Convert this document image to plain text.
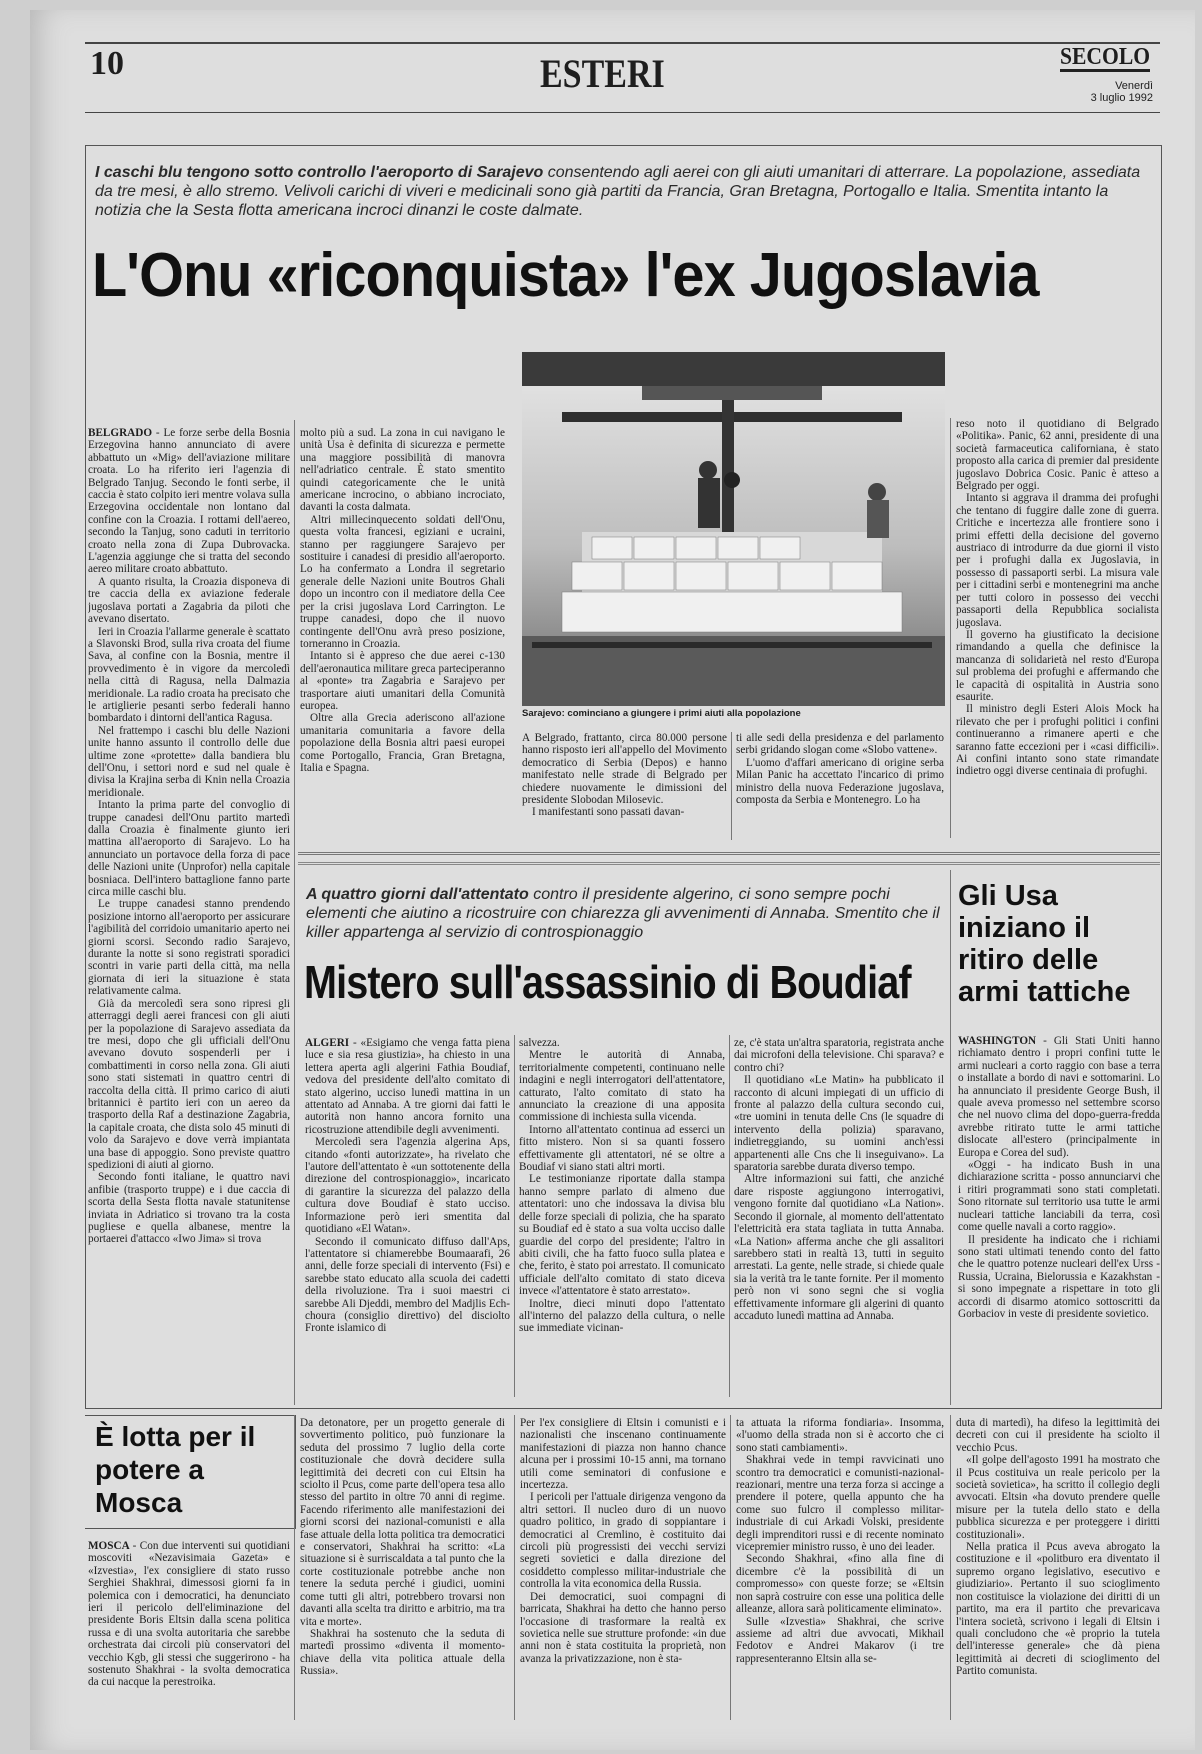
10	ESTERI	SECOLO
Venerdì
3 luglio 1992
I caschi blu tengono sotto controllo l'aeroporto di Sarajevo consentendo agli aerei con gli aiuti umanitari di atterrare. La popolazione, assediata da tre mesi, è allo stremo. Velivoli carichi di viveri e medicinali sono già partiti da Francia, Gran Bretagna, Portogallo e Italia. Smentita intanto la notizia che la Sesta flotta americana incroci dinanzi le coste dalmate.
L'Onu «riconquista» l'ex Jugoslavia
Sarajevo: cominciano a giungere i primi aiuti alla popolazione

BELGRADO - Le forze serbe della Bosnia Erzegovina hanno annunciato di avere abbattuto un «Mig» dell'aviazione militare croata. Lo ha riferito ieri l'agenzia di Belgrado Tanjug. Secondo le fonti serbe, il caccia è stato colpito ieri mentre volava sulla Erzegovina occidentale non lontano dal confine con la Croazia. I rottami dell'aereo, secondo la Tanjug, sono caduti in territorio croato nella zona di Zupa Dubrovacka. L'agenzia aggiunge che si tratta del secondo aereo militare croato abbattuto.

A quanto risulta, la Croazia disponeva di tre caccia della ex aviazione federale jugoslava portati a Zagabria da piloti che avevano disertato.

Ieri in Croazia l'allarme generale è scattato a Slavonski Brod, sulla riva croata del fiume Sava, al confine con la Bosnia, mentre il provvedimento è in vigore da mercoledì nella città di Ragusa, nella Dalmazia meridionale. La radio croata ha precisato che le artiglierie pesanti serbo federali hanno bombardato i dintorni dell'antica Ragusa.

Nel frattempo i caschi blu delle Nazioni unite hanno assunto il controllo delle due ultime zone «protette» dalla bandiera blu dell'Onu, i settori nord e sud nel quale è divisa la Krajina serba di Knin nella Croazia meridionale.

Intanto la prima parte del convoglio di truppe canadesi dell'Onu partito martedì dalla Croazia è finalmente giunto ieri mattina all'aeroporto di Sarajevo. Lo ha annunciato un portavoce della forza di pace delle Nazioni unite (Unprofor) nella capitale bosniaca. Dell'intero battaglione fanno parte circa mille caschi blu.

Le truppe canadesi stanno prendendo posizione intorno all'aeroporto per assicurare l'agibilità del corridoio umanitario aperto nei giorni scorsi. Secondo radio Sarajevo, durante la notte si sono registrati sporadici scontri in varie parti della città, ma nella giornata di ieri la situazione è stata relativamente calma.

Già da mercoledì sera sono ripresi gli atterraggi degli aerei francesi con gli aiuti per la popolazione di Sarajevo assediata da tre mesi, dopo che gli ufficiali dell'Onu avevano dovuto sospenderli per i combattimenti in corso nella zona. Gli aiuti sono stati sistemati in quattro centri di raccolta della città. Il primo carico di aiuti britannici è partito ieri con un aereo da trasporto della Raf a destinazione Zagabria, la capitale croata, che dista solo 45 minuti di volo da Sarajevo e dove verrà impiantata una base di appoggio. Sono previste quattro spedizioni di aiuti al giorno.

Secondo fonti italiane, le quattro navi anfibie (trasporto truppe) e i due caccia di scorta della Sesta flotta navale statunitense inviata in Adriatico si trovano tra la costa pugliese e quella albanese, mentre la portaerei d'attacco «Iwo Jima» si trova

molto più a sud. La zona in cui navigano le unità Usa è definita di sicurezza e permette una maggiore possibilità di manovra nell'adriatico centrale. È stato smentito quindi categoricamente che le unità americane incrocino, o abbiano incrociato, davanti la costa dalmata.

Altri millecinquecento soldati dell'Onu, questa volta francesi, egiziani e ucraini, stanno per raggiungere Sarajevo per sostituire i canadesi di presidio all'aeroporto. Lo ha confermato a Londra il segretario generale delle Nazioni unite Boutros Ghali dopo un incontro con il mediatore della Cee per la crisi jugoslava Lord Carrington. Le truppe canadesi, dopo che il nuovo contingente dell'Onu avrà preso posizione, torneranno in Croazia.

Intanto si è appreso che due aerei c-130 dell'aeronautica militare greca parteciperanno al «ponte» tra Zagabria e Sarajevo per trasportare aiuti umanitari della Comunità europea.

Oltre alla Grecia aderiscono all'azione umanitaria comunitaria a favore della popolazione della Bosnia altri paesi europei come Portogallo, Francia, Gran Bretagna, Italia e Spagna.

A Belgrado, frattanto, circa 80.000 persone hanno risposto ieri all'appello del Movimento democratico di Serbia (Depos) e hanno manifestato nelle strade di Belgrado per chiedere nuovamente le dimissioni del presidente Slobodan Milosevic.

I manifestanti sono passati davan-

ti alle sedi della presidenza e del parlamento serbi gridando slogan come «Slobo vattene».

L'uomo d'affari americano di origine serba Milan Panic ha accettato l'incarico di primo ministro della nuova Federazione jugoslava, composta da Serbia e Montenegro. Lo ha

reso noto il quotidiano di Belgrado «Politika». Panic, 62 anni, presidente di una società farmaceutica californiana, è stato proposto alla carica di premier dal presidente jugoslavo Dobrica Cosic. Panic è atteso a Belgrado per oggi.

Intanto si aggrava il dramma dei profughi che tentano di fuggire dalle zone di guerra. Critiche e incertezza alle frontiere sono i primi effetti della decisione del governo austriaco di introdurre da due giorni il visto per i profughi dalla ex Jugoslavia, in possesso di passaporti serbi. La misura vale per i cittadini serbi e montenegrini ma anche per tutti coloro in possesso dei vecchi passaporti della Repubblica socialista jugoslava.

Il governo ha giustificato la decisione rimandando a quella che definisce la mancanza di solidarietà nel resto d'Europa sul problema dei profughi e affermando che le capacità di ospitalità in Austria sono esaurite.

Il ministro degli Esteri Alois Mock ha rilevato che per i profughi politici i confini continueranno a rimanere aperti e che saranno fatte eccezioni per i «casi difficili». Ai confini intanto sono state rimandate indietro oggi diverse centinaia di profughi.

A quattro giorni dall'attentato contro il presidente algerino, ci sono sempre pochi elementi che aiutino a ricostruire con chiarezza gli avvenimenti di Annaba. Smentito che il killer appartenga al servizio di controspionaggio
Mistero sull'assassinio di Boudiaf

ALGERI - «Esigiamo che venga fatta piena luce e sia resa giustizia», ha chiesto in una lettera aperta agli algerini Fathia Boudiaf, vedova del presidente dell'alto comitato di stato algerino, ucciso lunedì mattina in un attentato ad Annaba. A tre giorni dai fatti le autorità non hanno ancora fornito una ricostruzione attendibile degli avvenimenti.

Mercoledì sera l'agenzia algerina Aps, citando «fonti autorizzate», ha rivelato che l'autore dell'attentato è «un sottotenente della direzione del controspionaggio», incaricato di garantire la sicurezza del palazzo della cultura dove Boudiaf è stato ucciso. Informazione però ieri smentita dal quotidiano «El Watan».

Secondo il comunicato diffuso dall'Aps, l'attentatore si chiamerebbe Boumaarafi, 26 anni, delle forze speciali di intervento (Fsi) e sarebbe stato educato alla scuola dei cadetti della rivoluzione. Tra i suoi maestri ci sarebbe Ali Djeddi, membro del Madjlis Ech-choura (consiglio direttivo) del disciolto Fronte islamico di

salvezza.

Mentre le autorità di Annaba, territorialmente competenti, continuano nelle indagini e negli interrogatori dell'attentatore, catturato, l'alto comitato di stato ha annunciato la creazione di una apposita commissione di inchiesta sulla vicenda.

Intorno all'attentato continua ad esserci un fitto mistero. Non si sa quanti fossero effettivamente gli attentatori, né se oltre a Boudiaf vi siano stati altri morti.

Le testimonianze riportate dalla stampa hanno sempre parlato di almeno due attentatori: uno che indossava la divisa blu delle forze speciali di polizia, che ha sparato su Boudiaf ed è stato a sua volta ucciso dalle guardie del corpo del presidente; l'altro in abiti civili, che ha fatto fuoco sulla platea e che, ferito, è stato poi arrestato. Il comunicato ufficiale dell'alto comitato di stato diceva invece «l'attentatore è stato arrestato».

Inoltre, dieci minuti dopo l'attentato all'interno del palazzo della cultura, o nelle sue immediate vicinan-

ze, c'è stata un'altra sparatoria, registrata anche dai microfoni della televisione. Chi sparava? e contro chi?

Il quotidiano «Le Matin» ha pubblicato il racconto di alcuni impiegati di un ufficio di fronte al palazzo della cultura secondo cui, «tre uomini in tenuta delle Cns (le squadre di intervento della polizia) sparavano, indietreggiando, su uomini anch'essi appartenenti alle Cns che li inseguivano». La sparatoria sarebbe durata diverso tempo.

Altre informazioni sui fatti, che anziché dare risposte aggiungono interrogativi, vengono fornite dal quotidiano «La Nation». Secondo il giornale, al momento dell'attentato l'elettricità era stata tagliata in tutta Annaba. «La Nation» afferma anche che gli assalitori sarebbero stati in realtà 13, tutti in seguito arrestati. La gente, nelle strade, si chiede quale sia la verità tra le tante fornite. Per il momento però non vi sono segni che si voglia effettivamente informare gli algerini di quanto accaduto lunedì mattina ad Annaba.

Gli Usa iniziano il ritiro delle armi tattiche

WASHINGTON - Gli Stati Uniti hanno richiamato dentro i propri confini tutte le armi nucleari a corto raggio con base a terra o installate a bordo di navi e sottomarini. Lo ha annunciato il presidente George Bush, il quale aveva promesso nel settembre scorso che nel nuovo clima del dopo-guerra-fredda avrebbe ritirato tutte le armi tattiche dislocate all'estero (principalmente in Europa e Corea del sud).

«Oggi - ha indicato Bush in una dichiarazione scritta - posso annunciarvi che i ritiri programmati sono stati completati. Sono ritornate sul territorio usa tutte le armi nucleari tattiche lanciabili da terra, così come quelle navali a corto raggio».

Il presidente ha indicato che i richiami sono stati ultimati tenendo conto del fatto che le quattro potenze nucleari dell'ex Urss - Russia, Ucraina, Bielorussia e Kazakhstan - si sono impegnate a rispettare in toto gli accordi di disarmo atomico sottoscritti da Gorbaciov in veste di presidente sovietico.

È lotta per il potere a Mosca

MOSCA - Con due interventi sui quotidiani moscoviti «Nezavisimaia Gazeta» e «Izvestia», l'ex consigliere di stato russo Serghiei Shakhrai, dimessosi giorni fa in polemica con i democratici, ha denunciato ieri il pericolo dell'eliminazione del presidente Boris Eltsin dalla scena politica russa e di una svolta autoritaria che sarebbe orchestrata dai circoli più conservatori del vecchio Kgb, gli stessi che suggerirono - ha sostenuto Shakhrai - la svolta democratica da cui nacque la perestroika.

Da detonatore, per un progetto generale di sovvertimento politico, può funzionare la seduta del prossimo 7 luglio della corte costituzionale che dovrà decidere sulla legittimità dei decreti con cui Eltsin ha sciolto il Pcus, come parte dell'opera tesa allo stesso del partito in oltre 70 anni di regime. Facendo riferimento alle manifestazioni dei giorni scorsi dei nazional-comunisti e alla fase attuale della lotta politica tra democratici e conservatori, Shakhrai ha scritto: «La situazione si è surriscaldata a tal punto che la corte costituzionale potrebbe anche non tenere la seduta perché i giudici, uomini come tutti gli altri, potrebbero trovarsi non davanti alla scelta tra diritto e arbitrio, ma tra vita e morte».

Shakhrai ha sostenuto che la seduta di martedì prossimo «diventa il momento-chiave della vita politica attuale della Russia».

Per l'ex consigliere di Eltsin i comunisti e i nazionalisti che inscenano continuamente manifestazioni di piazza non hanno chance alcuna per i prossimi 10-15 anni, ma tornano utili come seminatori di confusione e incertezza.

I pericoli per l'attuale dirigenza vengono da altri settori. Il nucleo duro di un nuovo quadro politico, in grado di soppiantare i democratici al Cremlino, è costituito dai circoli più progressisti dei vecchi servizi segreti sovietici e dalla direzione del cosiddetto complesso militar-industriale che controlla la vita economica della Russia.

Dei democratici, suoi compagni di barricata, Shakhrai ha detto che hanno perso l'occasione di trasformare la realtà ex sovietica nelle sue strutture profonde: «in due anni non è stata costituita la proprietà, non avanza la privatizzazione, non è sta-

ta attuata la riforma fondiaria». Insomma, «l'uomo della strada non si è accorto che ci sono stati cambiamenti».

Shakhrai vede in tempi ravvicinati uno scontro tra democratici e comunisti-nazional-reazionari, mentre una terza forza si accinge a prendere il potere, quella appunto che ha come suo fulcro il complesso militar-industriale di cui Arkadi Volski, presidente degli imprenditori russi e di recente nominato vicepremier ministro russo, è uno dei leader.

Secondo Shakhrai, «fino alla fine di dicembre c'è la possibilità di un compromesso» con queste forze; se «Eltsin non saprà costruire con esse una politica delle alleanze, allora sarà politicamente eliminato».

Sulle «Izvestia» Shakhrai, che scrive assieme ad altri due avvocati, Mikhail Fedotov e Andrei Makarov (i tre rappresenteranno Eltsin alla se-

duta di martedì), ha difeso la legittimità dei decreti con cui il presidente ha sciolto il vecchio Pcus.

«Il golpe dell'agosto 1991 ha mostrato che il Pcus costituiva un reale pericolo per la società sovietica», ha scritto il collegio degli avvocati. Eltsin «ha dovuto prendere quelle misure per la tutela dello stato e della pubblica sicurezza e per proteggere i diritti costituzionali».

Nella pratica il Pcus aveva abrogato la costituzione e il «politburo era diventato il supremo organo legislativo, esecutivo e giudiziario». Pertanto il suo scioglimento non costituisce la violazione dei diritti di un partito, ma era il partito che prevaricava l'intera società, scrivono i legali di Eltsin i quali concludono che «è proprio la tutela dell'interesse generale» che dà piena legittimità ai decreti di scioglimento del Partito comunista.
